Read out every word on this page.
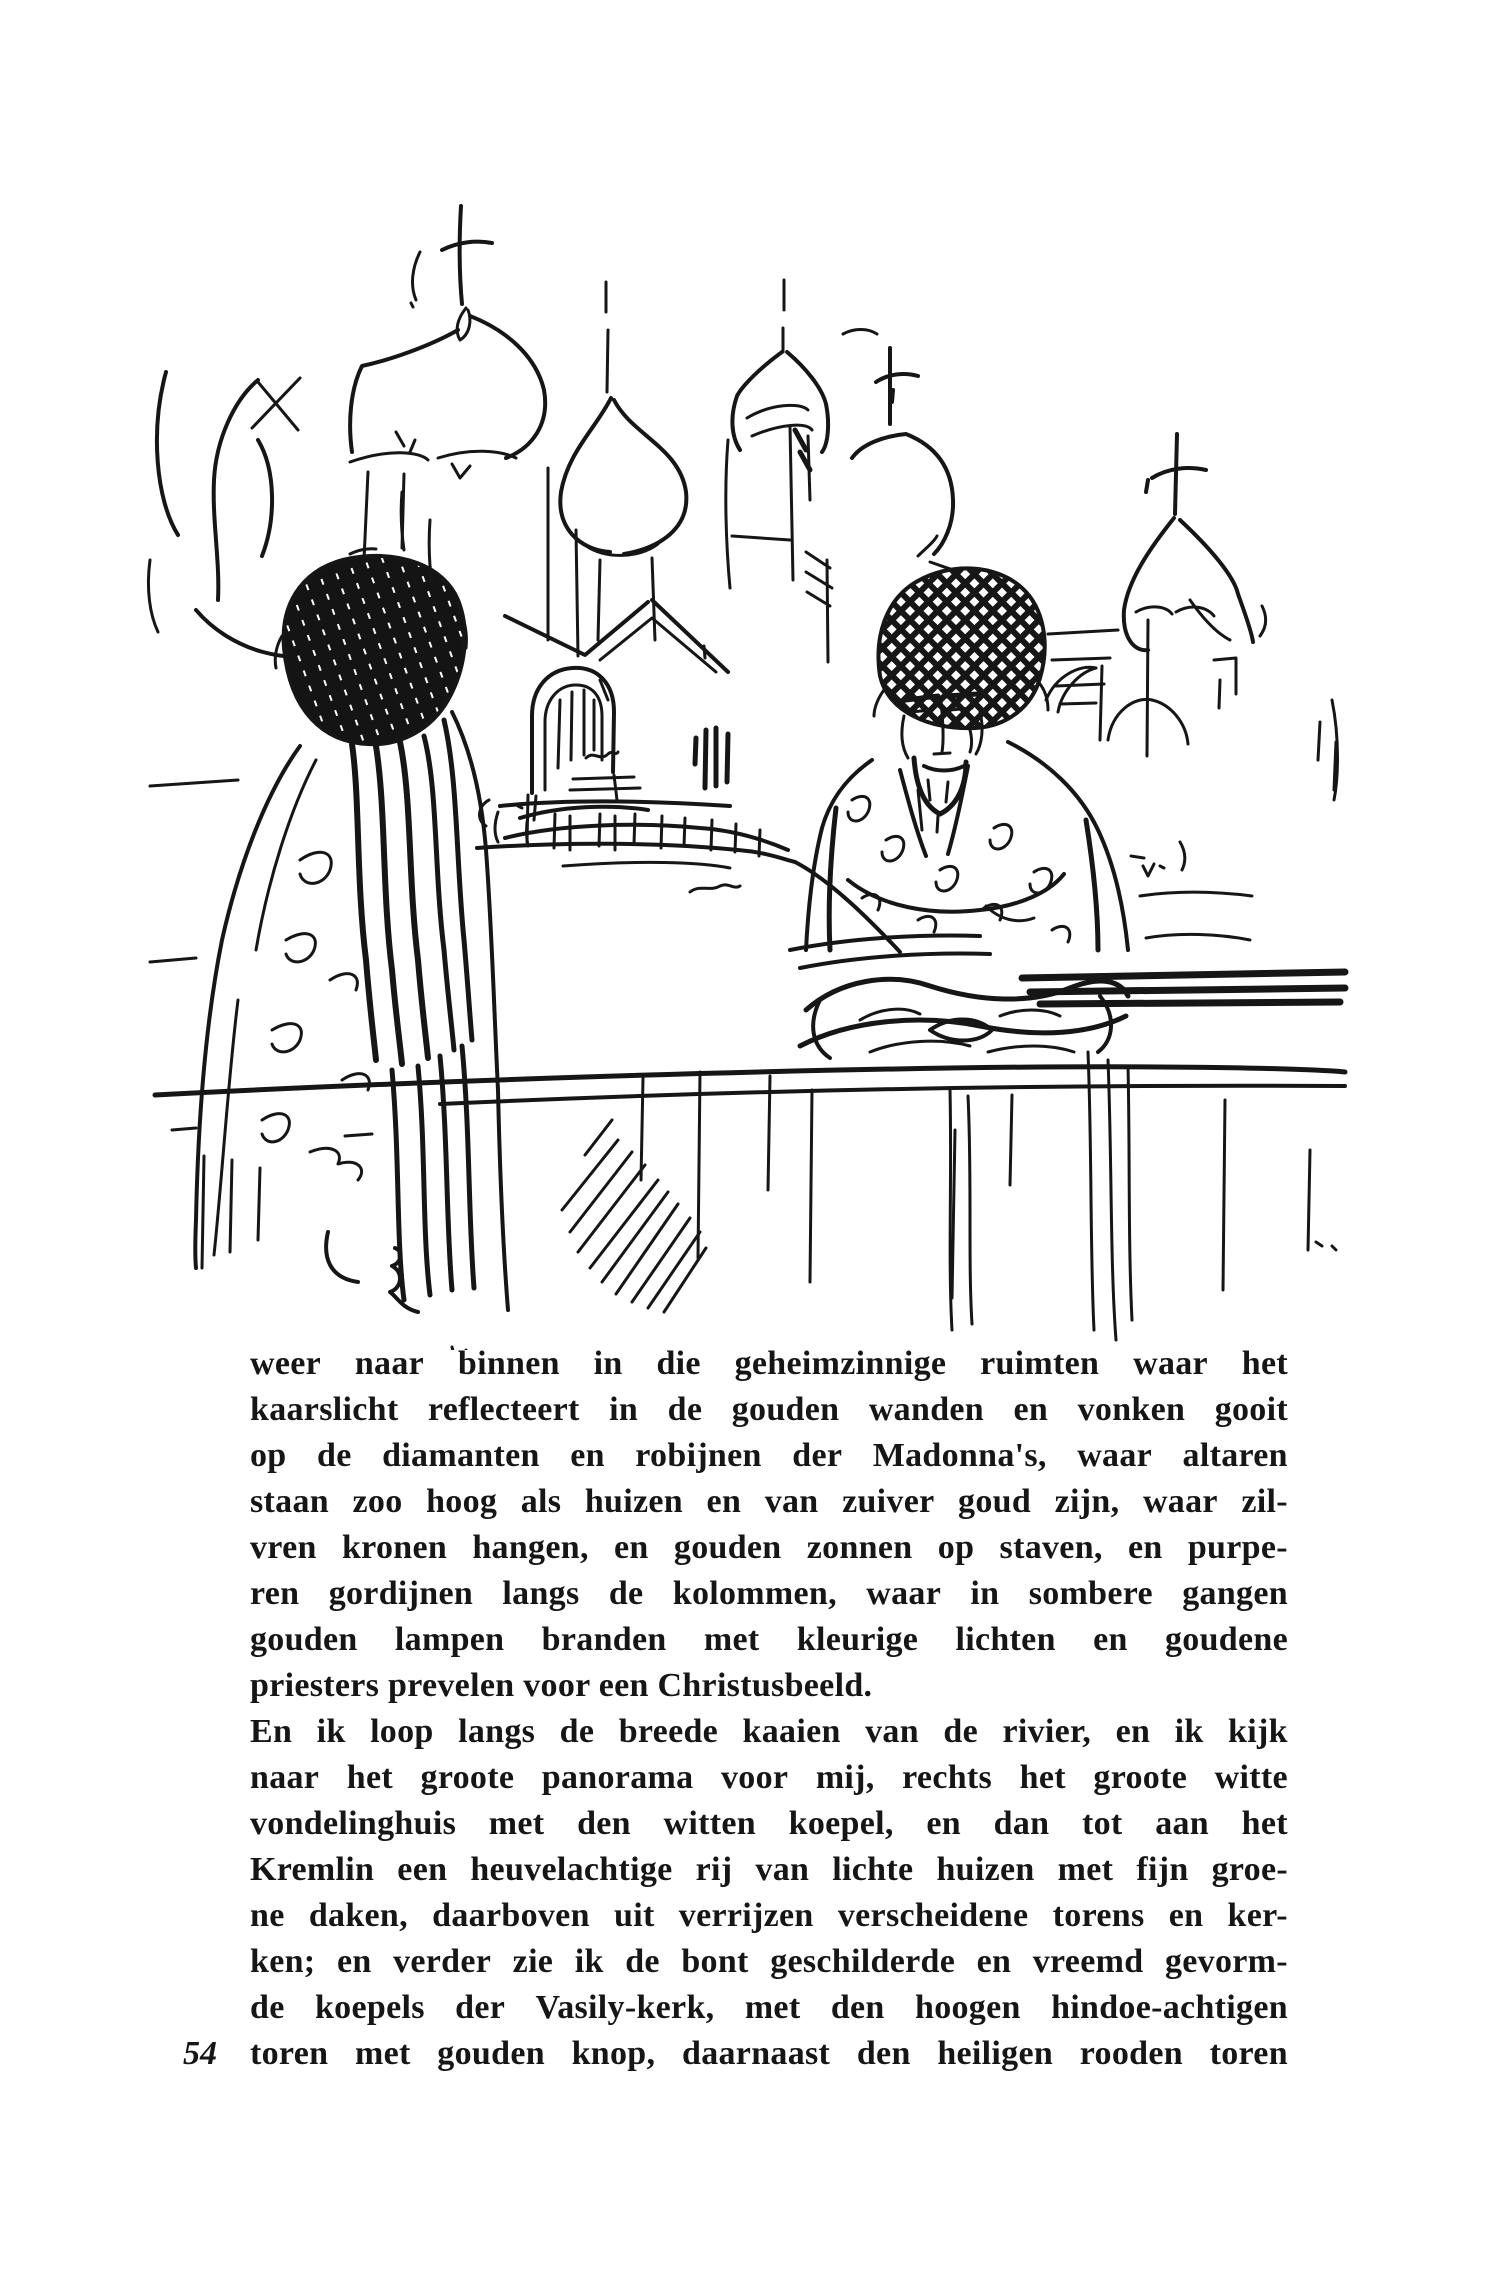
weer naar binnen in die geheimzinnige ruimten waar het
kaarslicht reflecteert in de gouden wanden en vonken gooit
op de diamanten en robijnen der Madonna's, waar altaren
staan zoo hoog als huizen en van zuiver goud zijn, waar zil-
vren kronen hangen, en gouden zonnen op staven, en purpe-
ren gordijnen langs de kolommen, waar in sombere gangen
gouden lampen branden met kleurige lichten en goudene
priesters prevelen voor een Christusbeeld.
En ik loop langs de breede kaaien van de rivier, en ik kijk
naar het groote panorama voor mij, rechts het groote witte
vondelinghuis met den witten koepel, en dan tot aan het
Kremlin een heuvelachtige rij van lichte huizen met fijn groe-
ne daken, daarboven uit verrijzen verscheidene torens en ker-
ken; en verder zie ik de bont geschilderde en vreemd gevorm-
de koepels der Vasily-kerk, met den hoogen hindoe-achtigen
toren met gouden knop, daarnaast den heiligen rooden toren
54
